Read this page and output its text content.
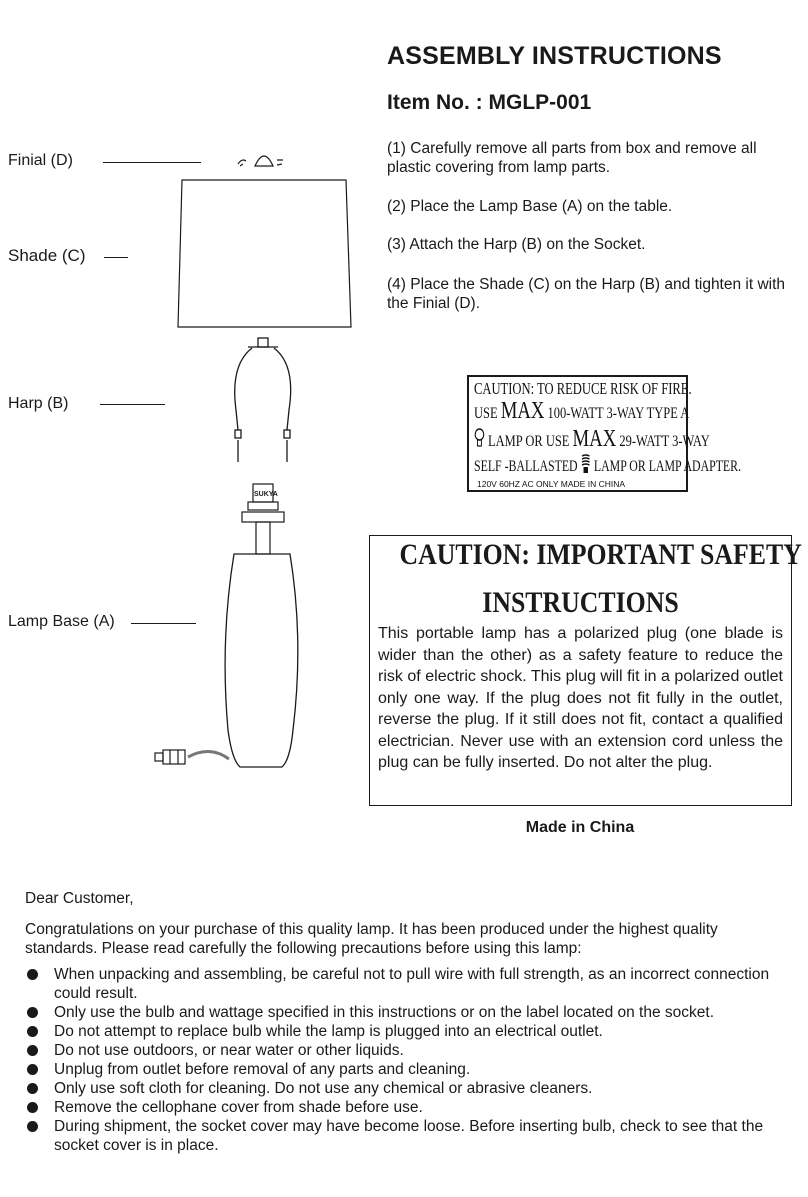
ASSEMBLY INSTRUCTIONS
Item No. : MGLP-001
(1) Carefully remove all parts from box and remove all plastic covering from lamp parts.
(2) Place the Lamp Base (A) on the table.
(3) Attach the Harp (B) on the Socket.
(4) Place the Shade (C) on the Harp (B) and tighten it with the Finial (D).
Finial (D)
Shade (C)
Harp (B)
Lamp Base (A)
SUKYA
CAUTION: TO REDUCE RISK OF FIRE.
USE MAX 100-WATT 3-WAY TYPE A
LAMP OR USE MAX 29-WATT 3-WAY
SELF -BALLASTED LAMP OR LAMP ADAPTER.
120V 60HZ AC ONLY MADE IN CHINA
CAUTION: IMPORTANT SAFETY
INSTRUCTIONS
This portable lamp has a polarized plug (one blade is wider than the other) as a safety feature to reduce the risk of electric shock. This plug will fit in a polarized outlet only one way. If the plug does not fit fully in the outlet, reverse the plug. If it still does not fit, contact a qualified electrician. Never use with an extension cord unless the plug can be fully inserted. Do not alter the plug.
Made in China
Dear Customer,
Congratulations on your purchase of this quality lamp. It has been produced under the highest quality standards. Please read carefully the following precautions before using this lamp:
When unpacking and assembling, be careful not to pull wire with full strength, as an incorrect connection could result.
Only use the bulb and wattage specified in this instructions or on the label located on the socket.
Do not attempt to replace bulb while the lamp is plugged into an electrical outlet.
Do not use outdoors, or near water or other liquids.
Unplug from outlet before removal of any parts and cleaning.
Only use soft cloth for cleaning. Do not use any chemical or abrasive cleaners.
Remove the cellophane cover from shade before use.
During shipment, the socket cover may have become loose. Before inserting bulb, check to see that the socket cover is in place.
